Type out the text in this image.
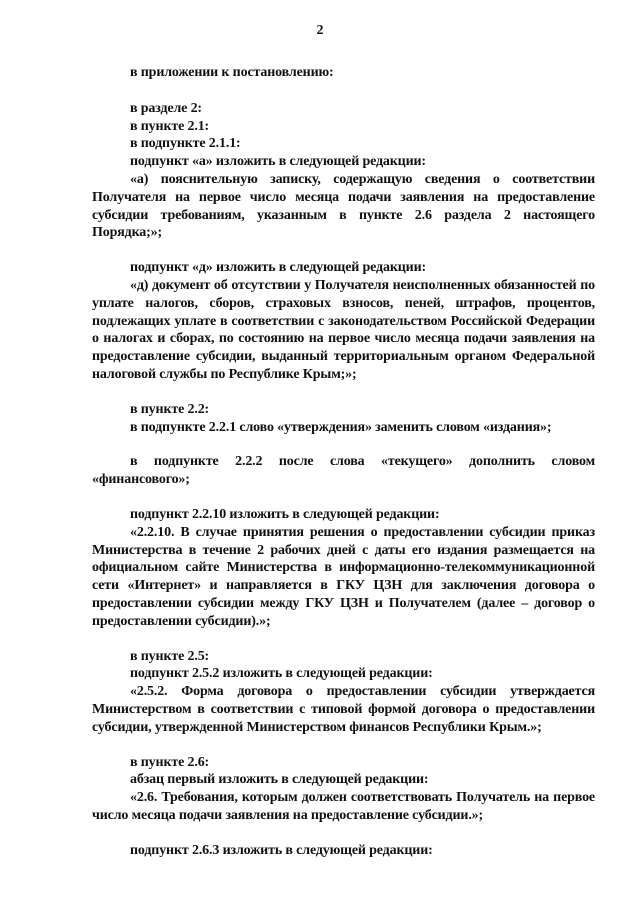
2

в приложении к постановлению:

в разделе 2:

в пункте 2.1:

в подпункте 2.1.1:

подпункт «а» изложить в следующей редакции:

«а) пояснительную записку, содержащую сведения о соответствии Получателя на первое число месяца подачи заявления на предоставление субсидии требованиям, указанным в пункте 2.6 раздела 2 настоящего Порядка;»;

подпункт «д» изложить в следующей редакции:

«д) документ об отсутствии у Получателя неисполненных обязанностей по уплате налогов, сборов, страховых взносов, пеней, штрафов, процентов, подлежащих уплате в соответствии с законодательством Российской Федерации о налогах и сборах, по состоянию на первое число месяца подачи заявления на предоставление субсидии, выданный территориальным органом Федеральной налоговой службы по Республике Крым;»;

в пункте 2.2:

в подпункте 2.2.1 слово «утверждения» заменить словом «издания»;

в подпункте 2.2.2 после слова «текущего» дополнить словом «финансового»;

подпункт 2.2.10 изложить в следующей редакции:

«2.2.10. В случае принятия решения о предоставлении субсидии приказ Министерства в течение 2 рабочих дней с даты его издания размещается на официальном сайте Министерства в информационно-телекоммуникационной сети «Интернет» и направляется в ГКУ ЦЗН для заключения договора о предоставлении субсидии между ГКУ ЦЗН и Получателем (далее – договор о предоставлении субсидии).»;

в пункте 2.5:

подпункт 2.5.2 изложить в следующей редакции:

«2.5.2. Форма договора о предоставлении субсидии утверждается Министерством в соответствии с типовой формой договора о предоставлении субсидии, утвержденной Министерством финансов Республики Крым.»;

в пункте 2.6:

абзац первый изложить в следующей редакции:

«2.6. Требования, которым должен соответствовать Получатель на первое число месяца подачи заявления на предоставление субсидии.»;

подпункт 2.6.3 изложить в следующей редакции:
